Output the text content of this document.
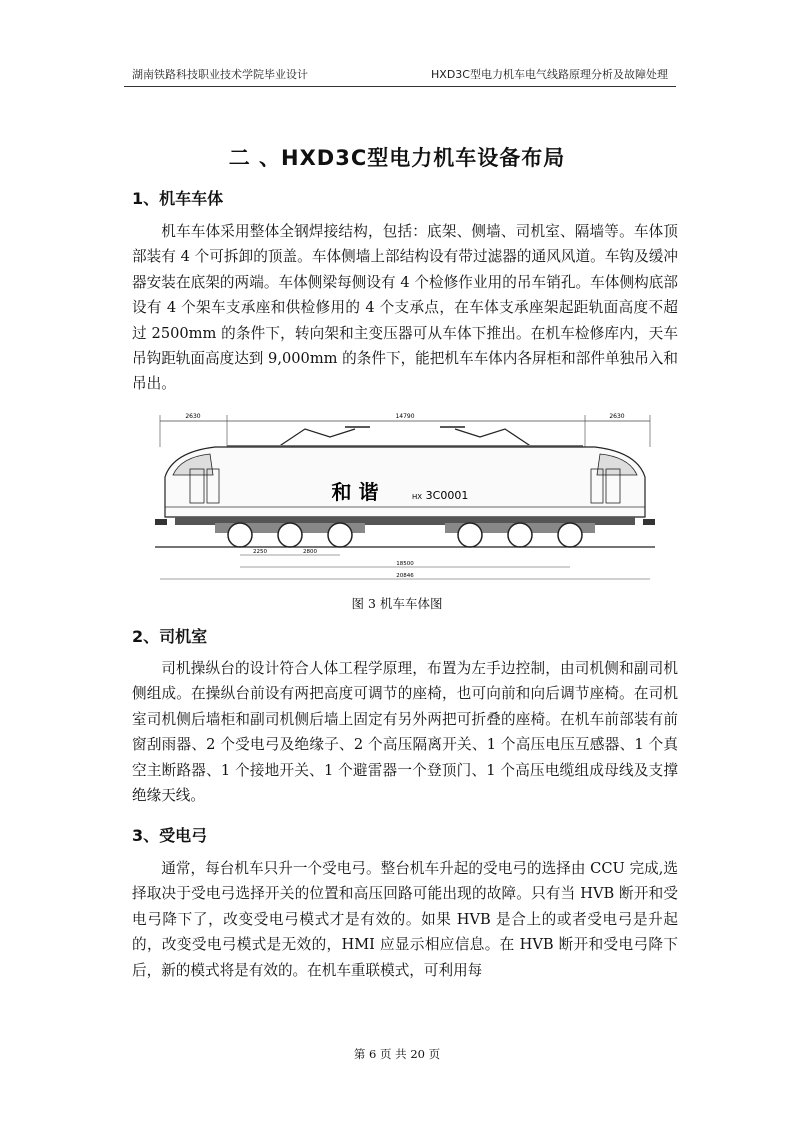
湖南铁路科技职业技术学院毕业设计	HXD3C型电力机车电气线路原理分析及故障处理
二 、HXD3C型电力机车设备布局
1、机车车体
机车车体采用整体全钢焊接结构，包括：底架、侧墙、司机室、隔墙等。车体顶部装有 4 个可拆卸的顶盖。车体侧墙上部结构设有带过滤器的通风风道。车钩及缓冲器安装在底架的两端。车体侧梁每侧设有 4 个检修作业用的吊车销孔。车体侧构底部设有 4 个架车支承座和供检修用的 4 个支承点，在车体支承座架起距轨面高度不超过 2500mm 的条件下，转向架和主变压器可从车体下推出。在机车检修库内，天车吊钩距轨面高度达到 9,000mm 的条件下，能把机车车体内各屏柜和部件单独吊入和吊出。
2630	14790	2630
和 谐	HX 3C0001
2250	2800
18500
20846
图 3 机车车体图
2、司机室
司机操纵台的设计符合人体工程学原理，布置为左手边控制，由司机侧和副司机侧组成。在操纵台前设有两把高度可调节的座椅，也可向前和向后调节座椅。在司机室司机侧后墙柜和副司机侧后墙上固定有另外两把可折叠的座椅。在机车前部装有前窗刮雨器、2 个受电弓及绝缘子、2 个高压隔离开关、1 个高压电压互感器、1 个真空主断路器、1 个接地开关、1 个避雷器一个登顶门、1 个高压电缆组成母线及支撑绝缘天线。
3、受电弓
通常，每台机车只升一个受电弓。整台机车升起的受电弓的选择由 CCU 完成,选择取决于受电弓选择开关的位置和高压回路可能出现的故障。只有当 HVB 断开和受电弓降下了，改变受电弓模式才是有效的。如果 HVB 是合上的或者受电弓是升起的，改变受电弓模式是无效的，HMI 应显示相应信息。在 HVB 断开和受电弓降下后，新的模式将是有效的。在机车重联模式，可利用每
第 6 页 共 20 页
